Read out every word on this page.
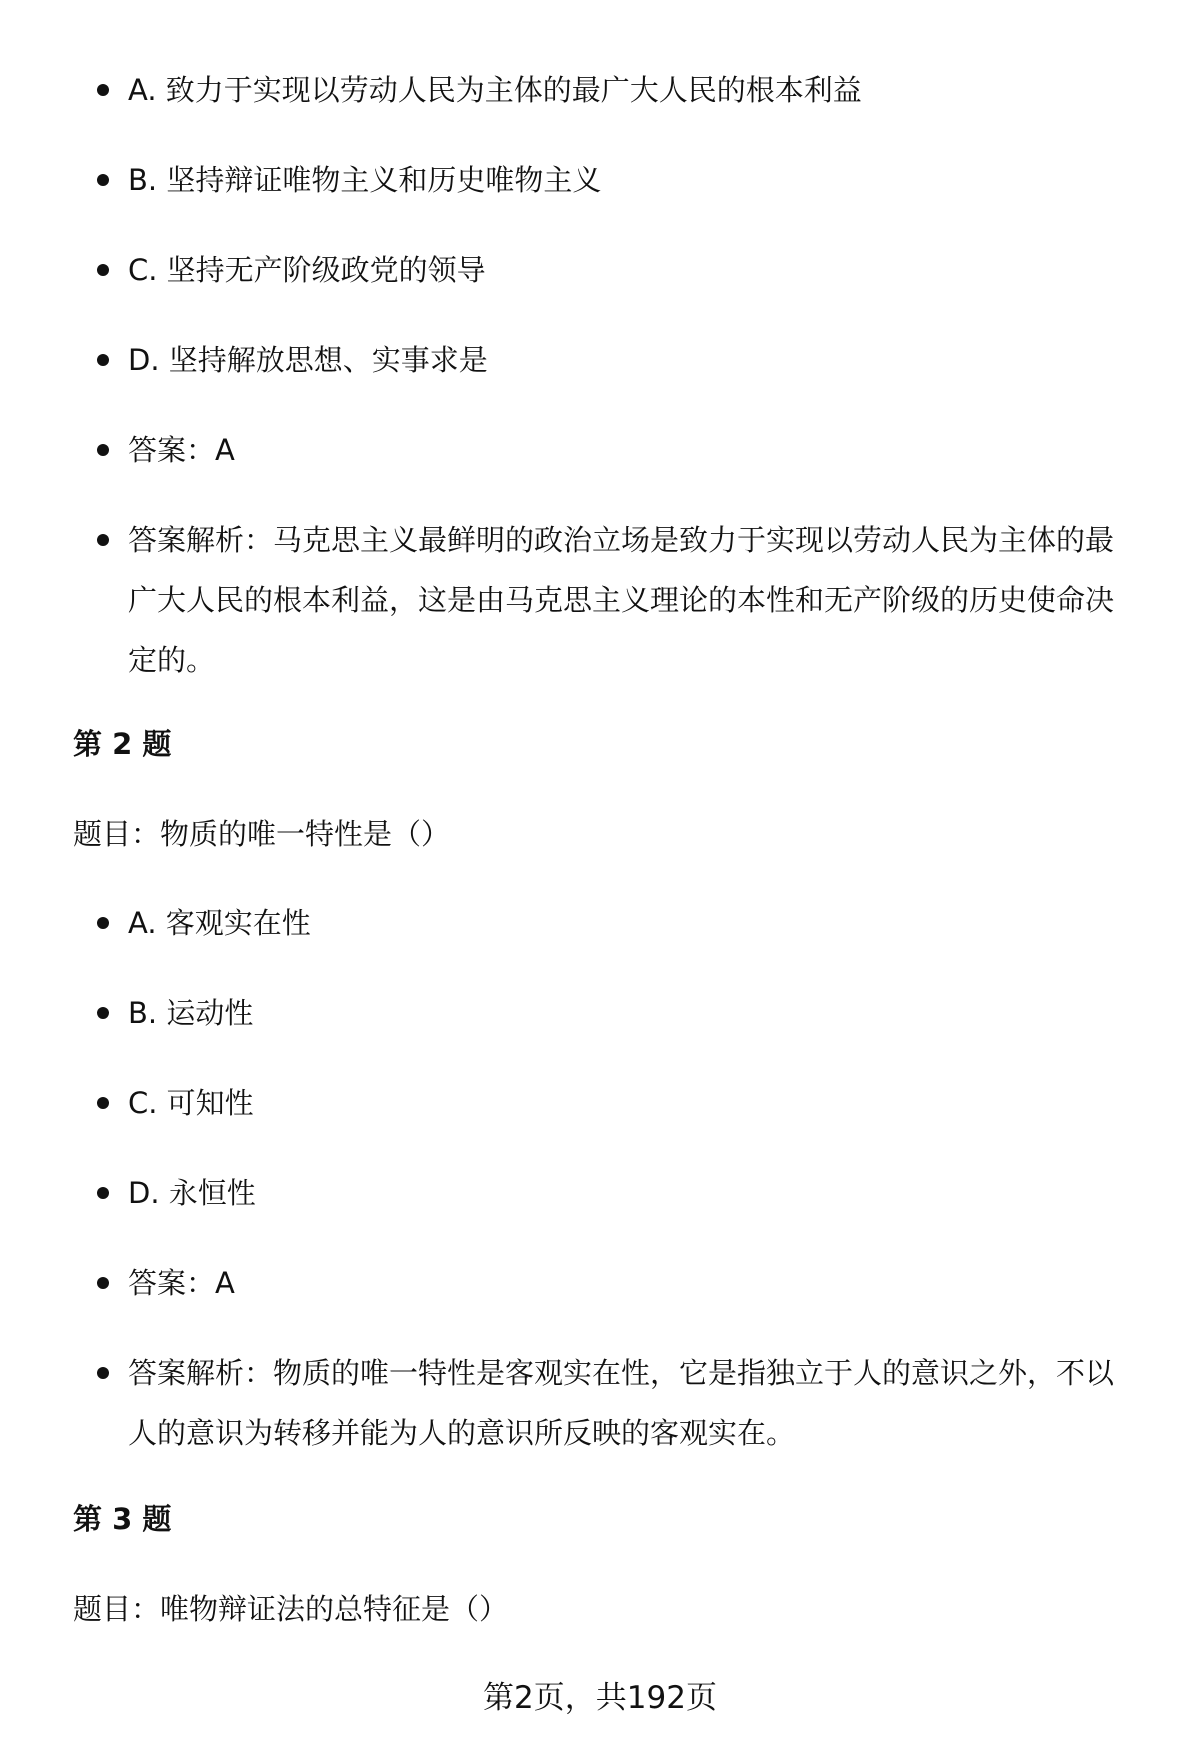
A. 致力于实现以劳动人民为主体的最广大人民的根本利益
B. 坚持辩证唯物主义和历史唯物主义
C. 坚持无产阶级政党的领导
D. 坚持解放思想、实事求是
答案：A
答案解析：马克思主义最鲜明的政治立场是致力于实现以劳动人民为主体的最广大人民的根本利益，这是由马克思主义理论的本性和无产阶级的历史使命决定的。
第 2 题
题目：物质的唯一特性是（）
A. 客观实在性
B. 运动性
C. 可知性
D. 永恒性
答案：A
答案解析：物质的唯一特性是客观实在性，它是指独立于人的意识之外，不以人的意识为转移并能为人的意识所反映的客观实在。
第 3 题
题目：唯物辩证法的总特征是（）
第2页，共192页
